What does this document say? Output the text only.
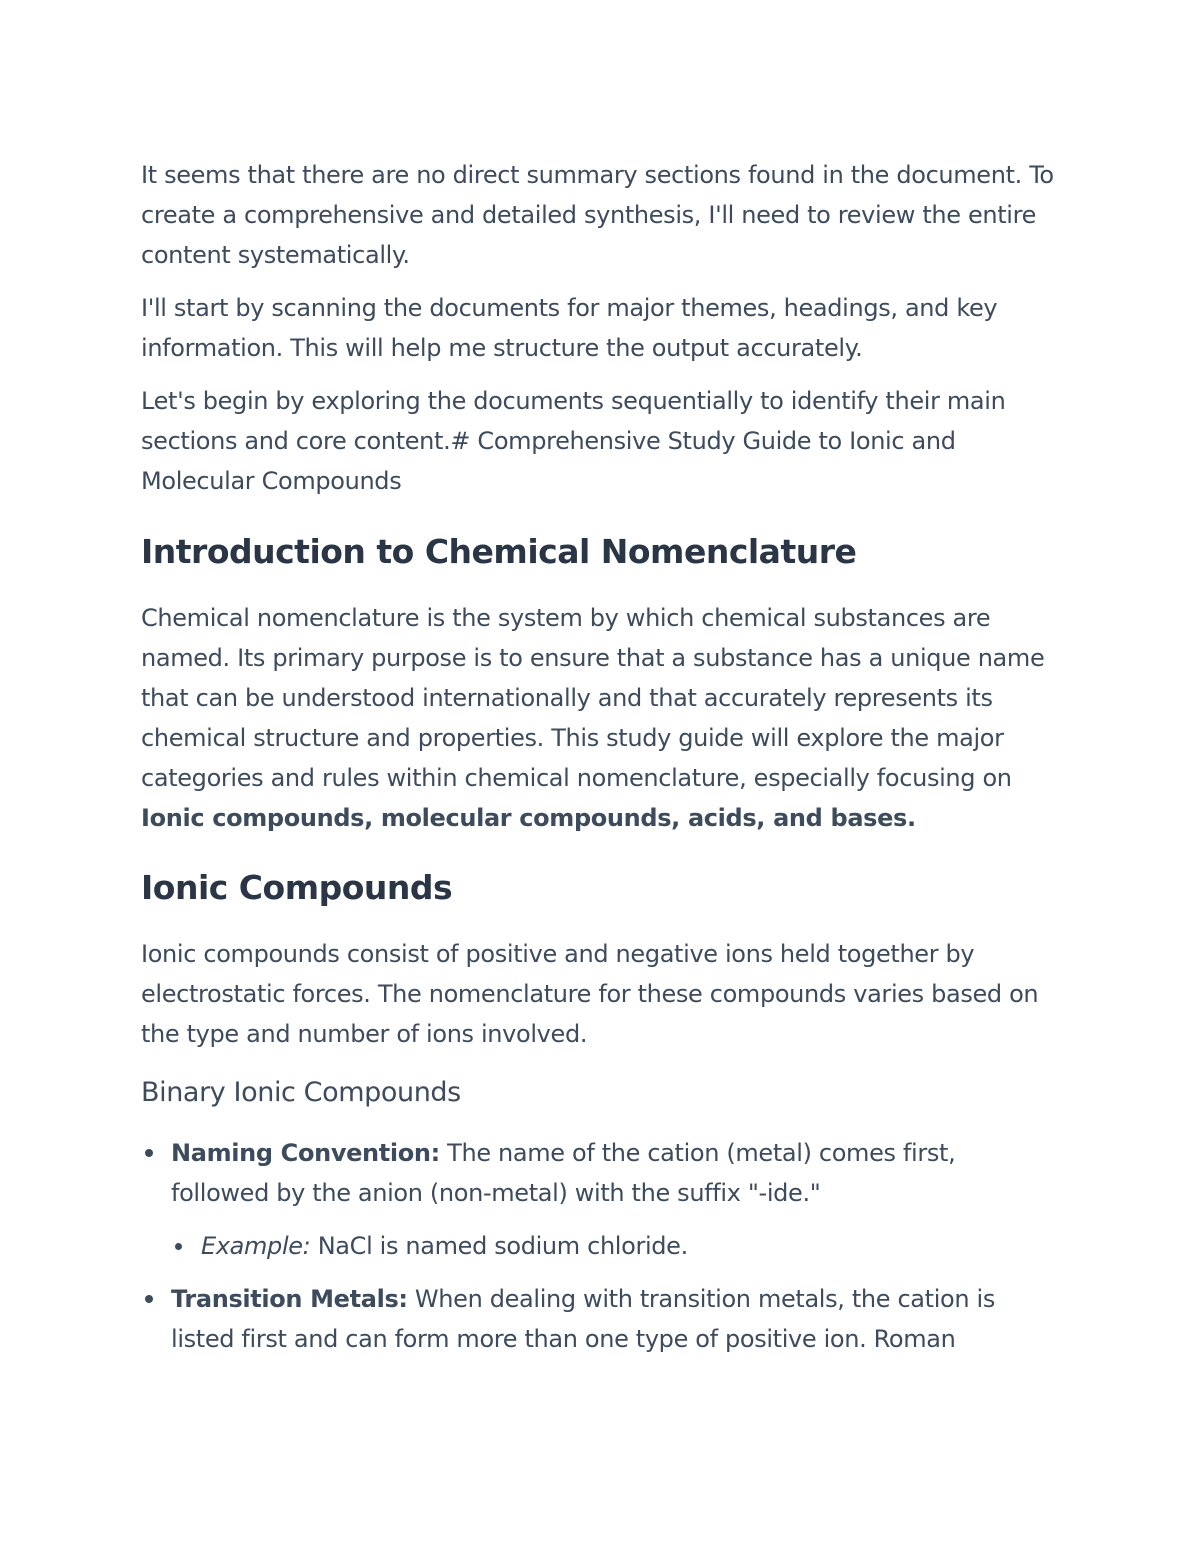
It seems that there are no direct summary sections found in the document. To create a comprehensive and detailed synthesis, I'll need to review the entire content systematically.

I'll start by scanning the documents for major themes, headings, and key information. This will help me structure the output accurately.

Let's begin by exploring the documents sequentially to identify their main sections and core content.# Comprehensive Study Guide to Ionic and Molecular Compounds

Introduction to Chemical Nomenclature

Chemical nomenclature is the system by which chemical substances are named. Its primary purpose is to ensure that a substance has a unique name that can be understood internationally and that accurately represents its chemical structure and properties. This study guide will explore the major categories and rules within chemical nomenclature, especially focusing on Ionic compounds, molecular compounds, acids, and bases.

Ionic Compounds

Ionic compounds consist of positive and negative ions held together by electrostatic forces. The nomenclature for these compounds varies based on the type and number of ions involved.

Binary Ionic Compounds
Naming Convention: The name of the cation (metal) comes first, followed by the anion (non-metal) with the suffix "-ide."
Example: NaCl is named sodium chloride.
Transition Metals: When dealing with transition metals, the cation is listed first and can form more than one type of positive ion. Roman
